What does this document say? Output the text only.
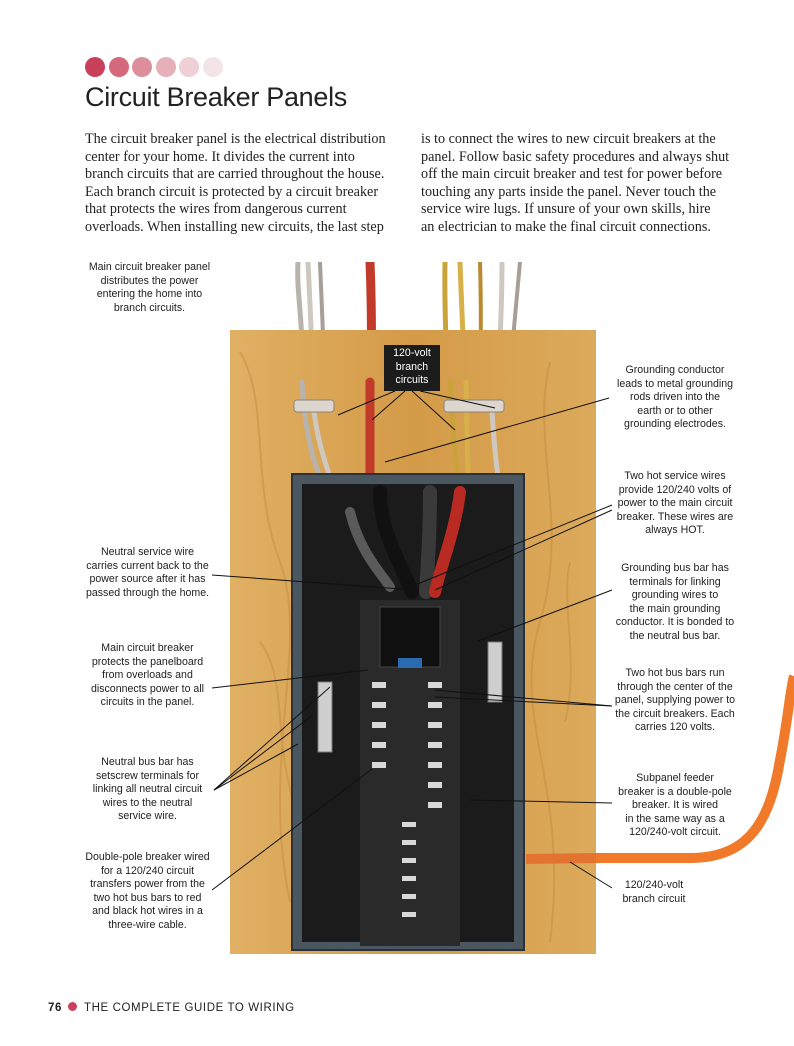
Circuit Breaker Panels
The circuit breaker panel is the electrical distribution
center for your home. It divides the current into
branch circuits that are carried throughout the house.
Each branch circuit is protected by a circuit breaker
that protects the wires from dangerous current
overloads. When installing new circuits, the last step
is to connect the wires to new circuit breakers at the
panel. Follow basic safety procedures and always shut
off the main circuit breaker and test for power before
touching any parts inside the panel. Never touch the
service wire lugs. If unsure of your own skills, hire
an electrician to make the final circuit connections.
120-volt
branch
circuits
Main circuit breaker panel
distributes the power
entering the home into
branch circuits.
Neutral service wire
carries current back to the
power source after it has
passed through the home.
Main circuit breaker
protects the panelboard
from overloads and
disconnects power to all
circuits in the panel.
Neutral bus bar has
setscrew terminals for
linking all neutral circuit
wires to the neutral
service wire.
Double-pole breaker wired
for a 120/240 circuit
transfers power from the
two hot bus bars to red
and black hot wires in a
three-wire cable.
Grounding conductor
leads to metal grounding
rods driven into the
earth or to other
grounding electrodes.
Two hot service wires
provide 120/240 volts of
power to the main circuit
breaker. These wires are
always HOT.
Grounding bus bar has
terminals for linking
grounding wires to
the main grounding
conductor. It is bonded to
the neutral bus bar.
Two hot bus bars run
through the center of the
panel, supplying power to
the circuit breakers. Each
carries 120 volts.
Subpanel feeder
breaker is a double-pole
breaker. It is wired
in the same way as a
120/240-volt circuit.
120/240-volt
branch circuit
76 THE COMPLETE GUIDE TO WIRING
